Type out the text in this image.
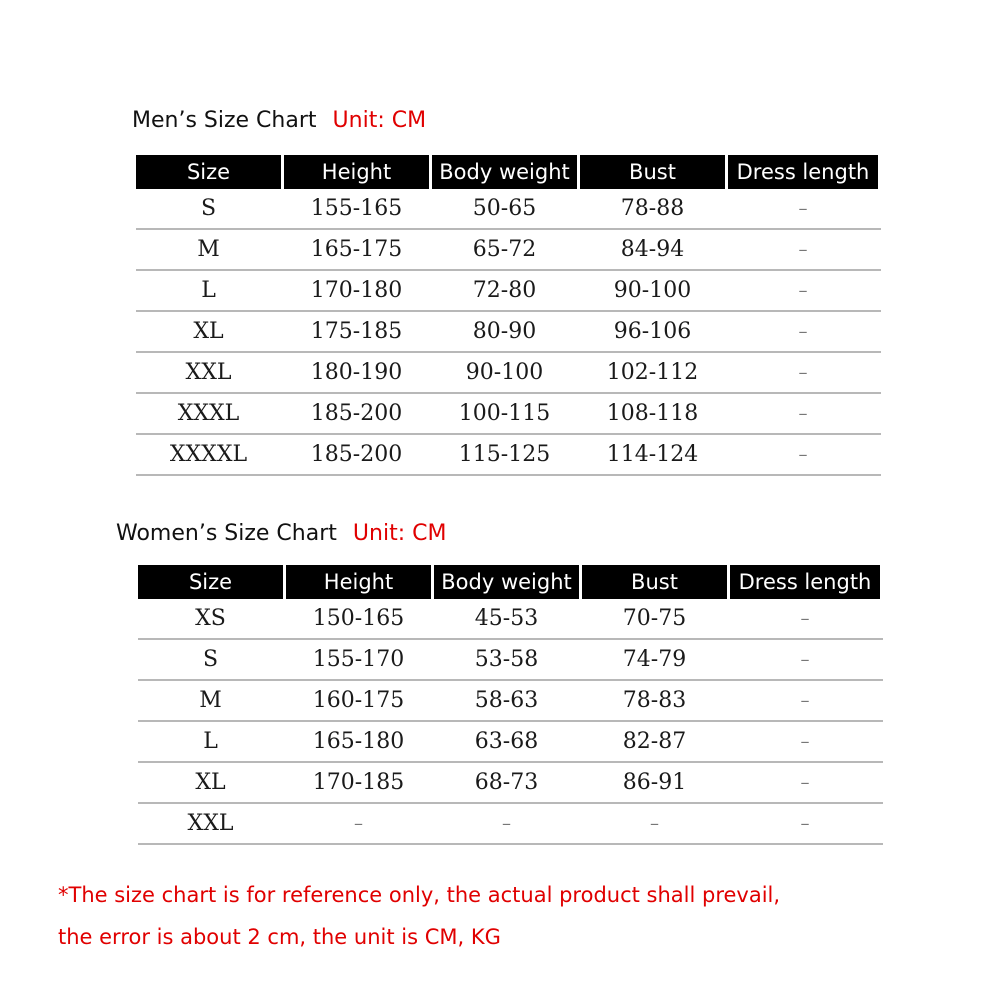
Men’s Size Chart Unit: CM
Size	Height	Body weight	Bust	Dress length
S	155-165	50-65	78-88	–
M	165-175	65-72	84-94	–
L	170-180	72-80	90-100	–
XL	175-185	80-90	96-106	–
XXL	180-190	90-100	102-112	–
XXXL	185-200	100-115	108-118	–
XXXXL	185-200	115-125	114-124	–
Women’s Size Chart Unit: CM
Size	Height	Body weight	Bust	Dress length
XS	150-165	45-53	70-75	–
S	155-170	53-58	74-79	–
M	160-175	58-63	78-83	–
L	165-180	63-68	82-87	–
XL	170-185	68-73	86-91	–
XXL	–	–	–	–
*The size chart is for reference only, the actual product shall prevail,
the error is about 2 cm, the unit is CM, KG
